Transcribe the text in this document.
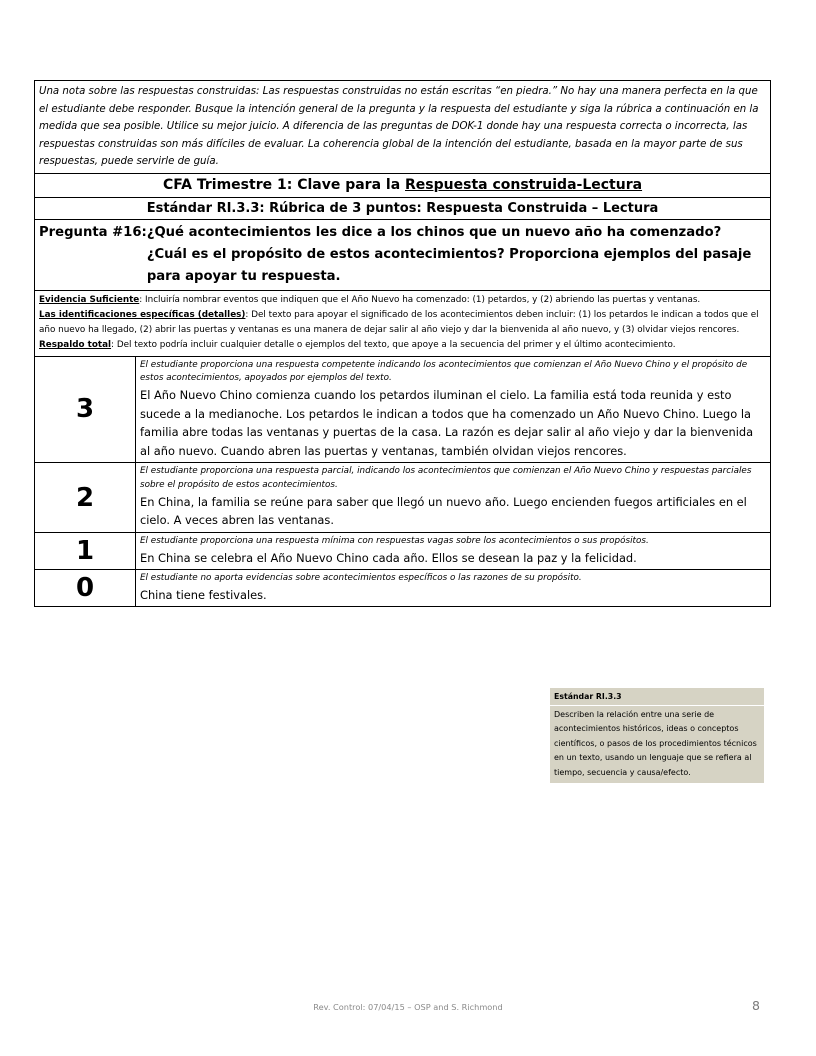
Una nota sobre las respuestas construidas: Las respuestas construidas no están escritas “en piedra.” No hay una manera perfecta en la que el estudiante debe responder. Busque la intención general de la pregunta y la respuesta del estudiante y siga la rúbrica a continuación en la medida que sea posible. Utilice su mejor juicio. A diferencia de las preguntas de DOK-1 donde hay una respuesta correcta o incorrecta, las respuestas construidas son más difíciles de evaluar. La coherencia global de la intención del estudiante, basada en la mayor parte de sus respuestas, puede servirle de guía.	
CFA Trimestre 1: Clave para la Respuesta construida-Lectura	
Estándar RI.3.3: Rúbrica de 3 puntos: Respuesta Construida – Lectura	

Pregunta #16: ¿Qué acontecimientos les dice a los chinos que un nuevo año ha comenzado?
¿Cuál es el propósito de estos acontecimientos? Proporciona ejemplos del pasaje para apoyar tu respuesta.	

Evidencia Suficiente: Incluiría nombrar eventos que indiquen que el Año Nuevo ha comenzado: (1) petardos, y (2) abriendo las puertas y ventanas.
Las identificaciones específicas (detalles): Del texto para apoyar el significado de los acontecimientos deben incluir: (1) los petardos le indican a todos que el año nuevo ha llegado, (2) abrir las puertas y ventanas es una manera de dejar salir al año viejo y dar la bienvenida al año nuevo, y (3) olvidar viejos rencores.
Respaldo total: Del texto podría incluir cualquier detalle o ejemplos del texto, que apoye a la secuencia del primer y el último acontecimiento.	

3	El estudiante proporciona una respuesta competente indicando los acontecimientos que comienzan el Año Nuevo Chino y el propósito de estos acontecimientos, apoyados por ejemplos del texto.
El Año Nuevo Chino comienza cuando los petardos iluminan el cielo. La familia está toda reunida y esto sucede a la medianoche. Los petardos le indican a todos que ha comenzado un Año Nuevo Chino. Luego la familia abre todas las ventanas y puertas de la casa. La razón es dejar salir al año viejo y dar la bienvenida al año nuevo. Cuando abren las puertas y ventanas, también olvidan viejos rencores.

2	El estudiante proporciona una respuesta parcial, indicando los acontecimientos que comienzan el Año Nuevo Chino y respuestas parciales sobre el propósito de estos acontecimientos.
En China, la familia se reúne para saber que llegó un nuevo año. Luego encienden fuegos artificiales en el cielo. A veces abren las ventanas.

1	El estudiante proporciona una respuesta mínima con respuestas vagas sobre los acontecimientos o sus propósitos.
En China se celebra el Año Nuevo Chino cada año. Ellos se desean la paz y la felicidad.

0	El estudiante no aporta evidencias sobre acontecimientos específicos o las razones de su propósito.
China tiene festivales.
Estándar RI.3.3
Describen la relación entre una serie de acontecimientos históricos, ideas o conceptos científicos, o pasos de los procedimientos técnicos en un texto, usando un lenguaje que se refiera al tiempo, secuencia y causa/efecto.
Rev. Control: 07/04/15 – OSP and S. Richmond	8
